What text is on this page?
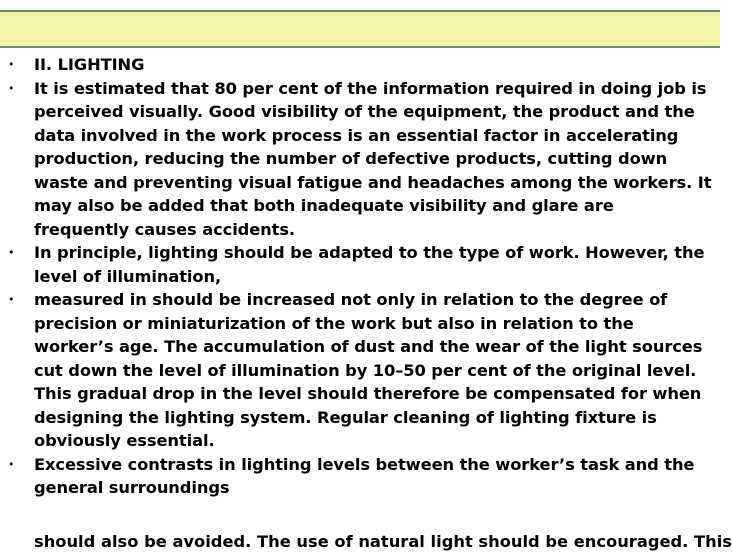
• II. LIGHTING
• It is estimated that 80 per cent of the information required in doing job is perceived visually. Good visibility of the equipment, the product and the data involved in the work process is an essential factor in accelerating production, reducing the number of defective products, cutting down waste and preventing visual fatigue and headaches among the workers. It may also be added that both inadequate visibility and glare are frequently causes accidents.
• In principle, lighting should be adapted to the type of work. However, the level of illumination,
• measured in should be increased not only in relation to the degree of precision or miniaturization of the work but also in relation to the worker’s age. The accumulation of dust and the wear of the light sources cut down the level of illumination by 10–50 per cent of the original level. This gradual drop in the level should therefore be compensated for when designing the lighting system. Regular cleaning of lighting fixture is obviously essential.
• Excessive contrasts in lighting levels between the worker’s task and the general surroundings
should also be avoided. The use of natural light should be encouraged. This
